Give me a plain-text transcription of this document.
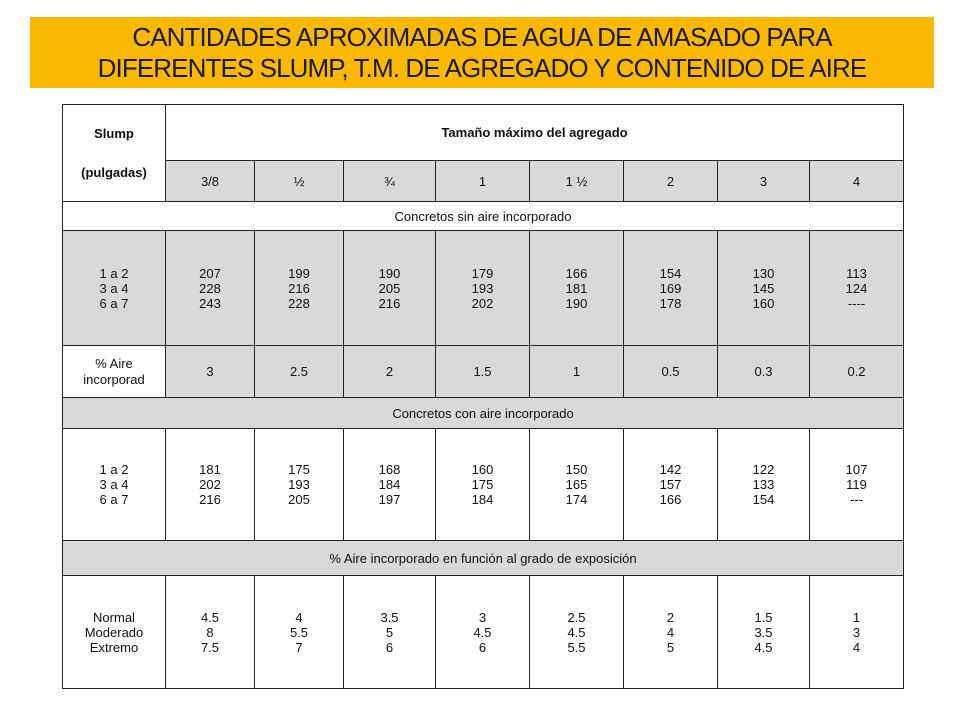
CANTIDADES APROXIMADAS DE AGUA DE AMASADO PARA
DIFERENTES SLUMP, T.M. DE AGREGADO Y CONTENIDO DE AIRE
Slump
(pulgadas)	Tamaño máximo del agregado							
	3/8	½	¾	1	1 ½	2	3	4
Concretos sin aire incorporado								

1 a 2
3 a 4
6 a 7	207
228
243	199
216
228	190
205
216	179
193
202	166
181
190	154
169
178	130
145
160	113
124
----

% Aire incorporad	3	2.5	2	1.5	1	0.5	0.3	0.2
Concretos con aire incorporado								

1 a 2
3 a 4
6 a 7	181
202
216	175
193
205	168
184
197	160
175
184	150
165
174	142
157
166	122
133
154	107
119
---

% Aire incorporado en función al grado de exposición								

Normal
Moderado
Extremo	4.5
8
7.5	4
5.5
7	3.5
5
6	3
4.5
6	2.5
4.5
5.5	2
4
5	1.5
3.5
4.5	1
3
4
